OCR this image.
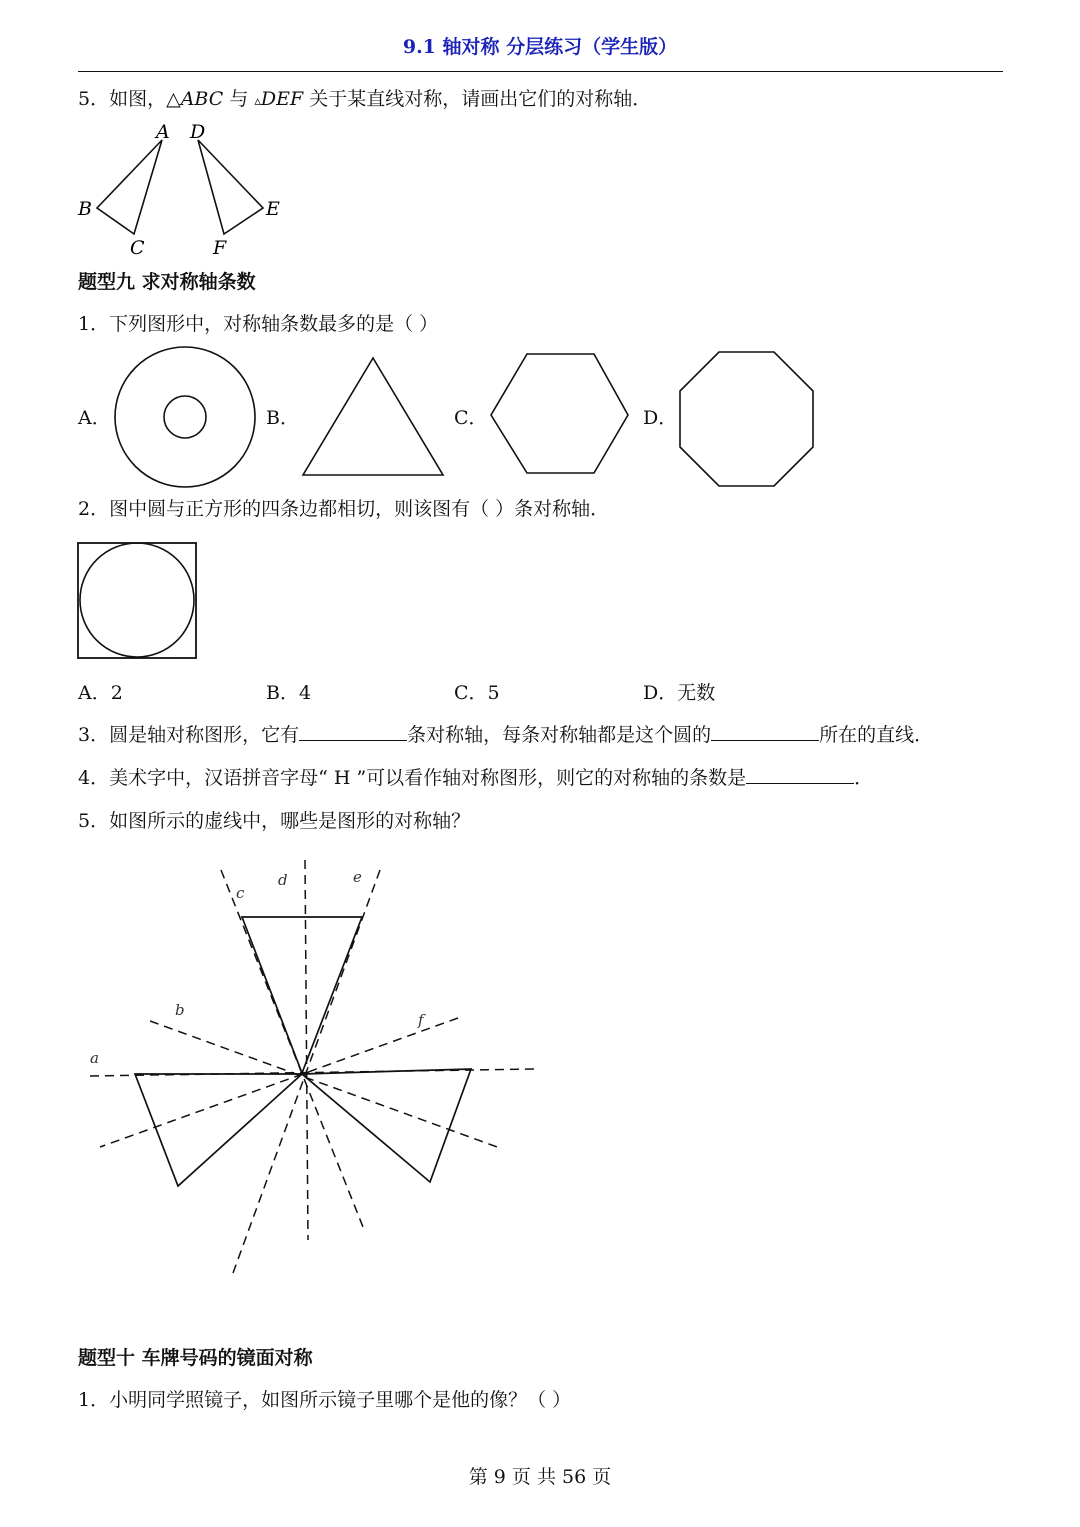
9.1 轴对称 分层练习（学生版）
5．如图，△ABC 与 ▵DEF 关于某直线对称，请画出它们的对称轴．
A
B
C
D
E
F
题型九 求对称轴条数
1．下列图形中，对称轴条数最多的是（ ）
A．	B．	C．	D．
2．图中圆与正方形的四条边都相切，则该图有（ ）条对称轴．
A．2	B．4	C．5	D．无数
3．圆是轴对称图形，它有	条对称轴，每条对称轴都是这个圆的	所在的直线．
4．美术字中，汉语拼音字母“ H ”可以看作轴对称图形，则它的对称轴的条数是	．
5．如图所示的虚线中，哪些是图形的对称轴？
a
b
c
d	e
f
题型十 车牌号码的镜面对称
1．小明同学照镜子，如图所示镜子里哪个是他的像？（ ）
第 9 页 共 56 页
